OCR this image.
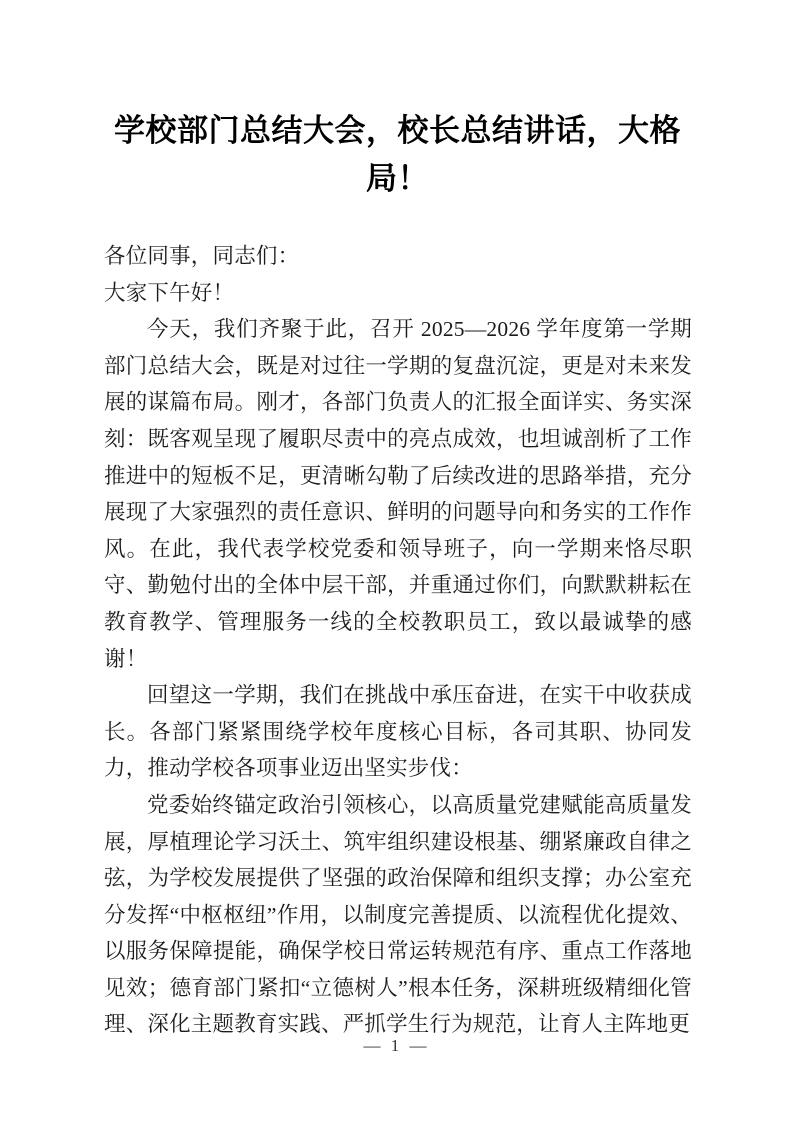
学校部门总结大会，校长总结讲话，大格局！

各位同事，同志们：

大家下午好！

今天，我们齐聚于此，召开 2025—2026 学年度第一学期部门总结大会，既是对过往一学期的复盘沉淀，更是对未来发展的谋篇布局。刚才，各部门负责人的汇报全面详实、务实深刻：既客观呈现了履职尽责中的亮点成效，也坦诚剖析了工作推进中的短板不足，更清晰勾勒了后续改进的思路举措，充分展现了大家强烈的责任意识、鲜明的问题导向和务实的工作作风。在此，我代表学校党委和领导班子，向一学期来恪尽职守、勤勉付出的全体中层干部，并重通过你们，向默默耕耘在教育教学、管理服务一线的全校教职员工，致以最诚挚的感谢！

回望这一学期，我们在挑战中承压奋进，在实干中收获成长。各部门紧紧围绕学校年度核心目标，各司其职、协同发力，推动学校各项事业迈出坚实步伐：

党委始终锚定政治引领核心，以高质量党建赋能高质量发展，厚植理论学习沃土、筑牢组织建设根基、绷紧廉政自律之弦，为学校发展提供了坚强的政治保障和组织支撑；办公室充分发挥“中枢枢纽”作用，以制度完善提质、以流程优化提效、以服务保障提能，确保学校日常运转规范有序、重点工作落地见效；德育部门紧扣“立德树人”根本任务，深耕班级精细化管理、深化主题教育实践、严抓学生行为规范，让育人主阵地更

— 1 —
